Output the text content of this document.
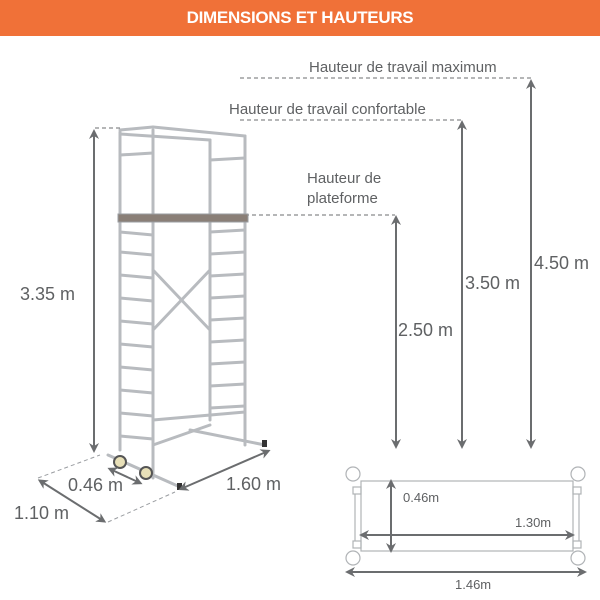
DIMENSIONS ET HAUTEURS
Hauteur de travail maximum
Hauteur de travail confortable
Hauteur de
plateforme
2.50 m
3.50 m
4.50 m
3.35 m
0.46 m
1.10 m
1.60 m
0.46m
1.30m
1.46m
